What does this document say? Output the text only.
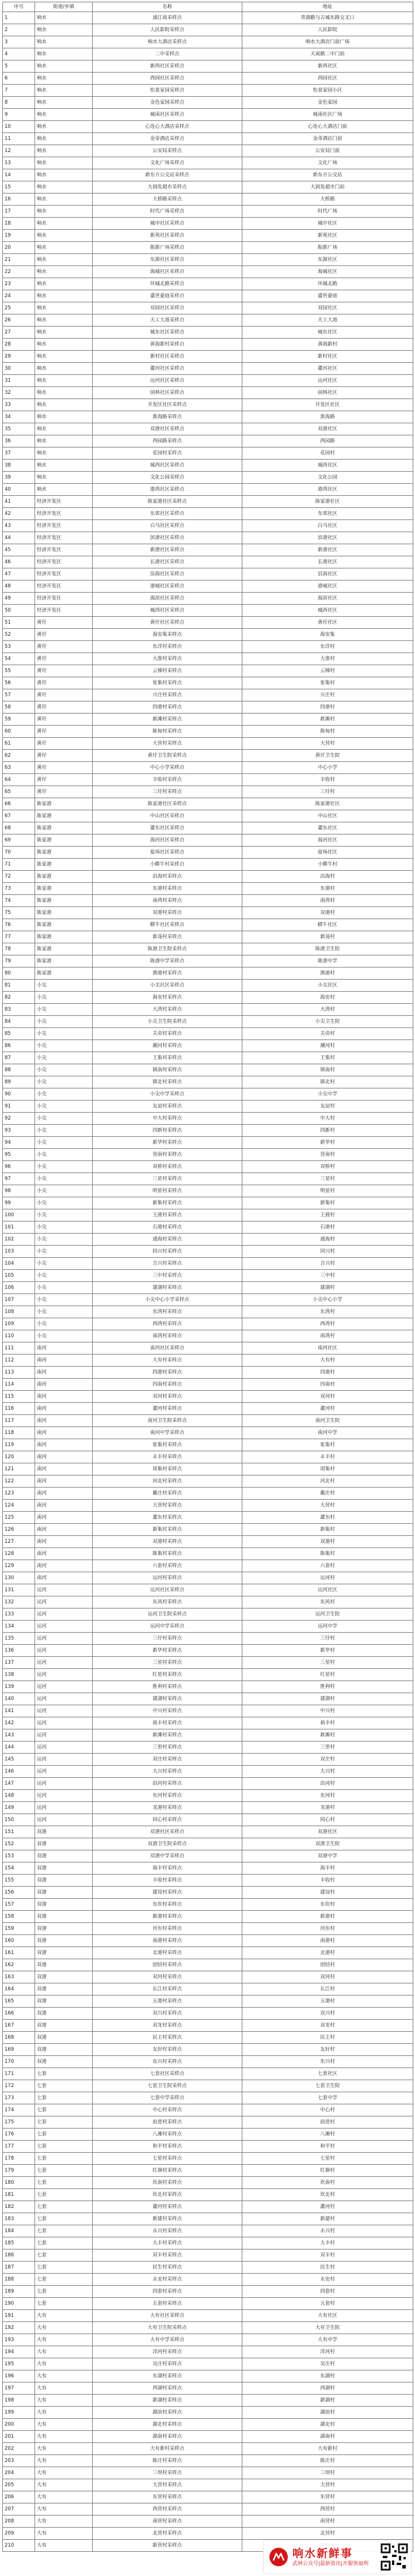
序号	街道/乡镇	名称	地址
1	响水	浦江南采样点	青湖路与古城东路交叉口
2	响水	人民影院采样点	人民影院
3	响水	响水大酒店采样点	响水大酒店门前广场
4	响水	二中采样点	天南路二中门前
5	响水	新西社区采样点	新西社区
6	响水	西园社区采样点	西园社区
7	响水	怡景家园采样点	怡景家园小区
8	响水	金色家园采样点	金色家园
9	响水	城南社区采样点	城南社区广场
10	响水	心连心大酒店采样点	心连心大酒店门前
11	响水	金帝酒店采样点	金帝酒店门前
12	响水	公安局采样点	公安局门前
13	响水	文化广场采样点	文化广场
14	响水	新东方公交站采样点	新东方公交站
15	响水	大润发超市采样点	大润发超市门前
16	响水	大桥路采样点	大桥路
17	响水	时代广场采样点	时代广场
18	响水	城中社区采样点	城中社区
19	响水	新苑社区采样点	新苑社区
20	响水	振新广场采样点	振新广场
21	响水	东源社区采样点	东源社区
22	响水	海城社区采样点	海城社区
23	响水	环城北路采样点	环城北路
24	响水	盛世豪庭采样点	盛世豪庭
25	响水	双园社区采样点	双园社区
26	响水	天工大道采样点	天工大道
27	响水	城东社区采样点	城东社区
28	响水	黄海新村采样点	黄海新村
29	响水	新村社区采样点	新村社区
30	响水	灌河社区采样点	灌河社区
31	响水	运河社区采样点	运河社区
32	响水	园林社区采样点	园林社区
33	响水	开发区社区采样点	开发区社区
34	响水	淮海路采样点	淮海路
35	响水	双港社区采样点	双港社区
36	响水	西园路采样点	西园路
37	响水	花园村采样点	花园村
38	响水	城西社区采样点	城西社区
39	响水	文化公园采样点	文化公园
40	响水	港湾社区采样点	港湾社区
41	经济开发区	陈家港社区采样点	陈家港社区
42	经济开发区	东郊社区采样点	东郊社区
43	经济开发区	白马社区采样点	白马社区
44	经济开发区	滨港社区采样点	滨港社区
45	经济开发区	新港社区采样点	新港社区
46	经济开发区	长港社区采样点	长港社区
47	经济开发区	沿海社区采样点	沿海社区
48	经济开发区	港城社区采样点	港城社区
49	经济开发区	海滨社区采样点	海滨社区
50	经济开发区	城西社区采样点	城西社区
51	黄圩	黄圩社区采样点	黄圩社区
52	黄圩	海安集采样点	海安集
53	黄圩	东洋村采样点	东洋村
54	黄圩	大淮村采样点	大淮村
55	黄圩	云梯村采样点	云梯村
56	黄圩	张集村采样点	张集村
57	黄圩	兴庄村采样点	兴庄村
58	黄圩	四港村采样点	四港村
59	黄圩	新滩村采样点	新滩村
60	黄圩	陈甸村采样点	陈甸村
61	黄圩	大营村采样点	大营村
62	黄圩	黄圩卫生院采样点	黄圩卫生院
63	黄圩	中心小学采样点	中心小学
64	黄圩	丰收村采样点	丰收村
65	黄圩	三圩村采样点	三圩村
66	陈家港	陈家港社区采样点	陈家港社区
67	陈家港	中山社区采样点	中山社区
68	陈家港	灌东社区采样点	灌东社区
69	陈家港	海河社区采样点	海河社区
70	陈家港	盐场社区采样点	盐场社区
71	陈家港	小蟒牛村采样点	小蟒牛村
72	陈家港	沿海村采样点	沿海村
73	陈家港	东港村采样点	东港村
74	陈家港	南湾村采样点	南湾村
75	陈家港	双港村采样点	双港村
76	陈家港	蟒牛社区采样点	蟒牛社区
77	陈家港	新荡村采样点	新荡村
78	陈家港	陈港卫生院采样点	陈港卫生院
79	陈家港	陈港中学采样点	陈港中学
80	陈家港	渔港村采样点	渔港村
81	小尖	小尖社区采样点	小尖社区
82	小尖	海安村采样点	海安村
83	小尖	大湾村采样点	大湾村
84	小尖	小尖卫生院采样点	小尖卫生院
85	小尖	关帝村采样点	关帝村
86	小尖	潮河村采样点	潮河村
87	小尖	王集村采样点	王集村
88	小尖	镇南村采样点	镇南村
89	小尖	镇北村采样点	镇北村
90	小尖	小尖中学采样点	小尖中学
91	小尖	友谊村采样点	友谊村
92	小尖	中大村采样点	中大村
93	小尖	四新村采样点	四新村
94	小尖	新华村采样点	新华村
95	小尖	营南村采样点	营南村
96	小尖	双桥村采样点	双桥村
97	小尖	三星村采样点	三星村
98	小尖	明星村采样点	明星村
99	小尖	新集村采样点	新集村
100	小尖	王渡村采样点	王渡村
101	小尖	石港村采样点	石港村
102	小尖	通海村采样点	通海村
103	小尖	同兴村采样点	同兴村
104	小尖	合兴村采样点	合兴村
105	小尖	三中村采样点	三中村
106	小尖	建湖村采样点	建湖村
107	小尖	小尖中心小学采样点	小尖中心小学
108	小尖	东湾村采样点	东湾村
109	小尖	西湾村采样点	西湾村
110	小尖	南湾村采样点	南湾村
111	南河	南河社区采样点	南河社区
112	南河	大有村采样点	大有村
113	南河	四港村采样点	四港村
114	南河	四南村采样点	四南村
115	南河	双河村采样点	双河村
116	南河	灌河村采样点	灌河村
117	南河	南河卫生院采样点	南河卫生院
118	南河	南河中学采样点	南河中学
119	南河	张集村采样点	张集村
120	南河	永丰村采样点	永丰村
121	南河	周集村采样点	周集村
122	南河	河北村采样点	河北村
123	南河	戴庄村采样点	戴庄村
124	南河	大营村采样点	大营村
125	南河	灌东村采样点	灌东村
126	南河	新集村采样点	新集村
127	南河	双港村采样点	双港村
128	南河	陈集村采样点	陈集村
129	南河	六套村采样点	六套村
130	南河	运河村采样点	运河村
131	运河	运河社区采样点	运河社区
132	运河	东风村采样点	东风村
133	运河	运河卫生院采样点	运河卫生院
134	运河	运河中学采样点	运河中学
135	运河	三圩村采样点	三圩村
136	运河	新华村采样点	新华村
137	运河	三星村采样点	三星村
138	运河	红星村采样点	红星村
139	运河	胜利村采样点	胜利村
140	运河	建湖村采样点	建湖村
141	运河	中兴村采样点	中兴村
142	运河	裕丰村采样点	裕丰村
143	运河	新滩村采样点	新滩村
144	运河	三里村采样点	三里村
145	运河	双庄村采样点	双庄村
146	运河	大兴村采样点	大兴村
147	运河	沿河村采样点	沿河村
148	运河	东河村采样点	东河村
149	运河	龙港村采样点	龙港村
150	运河	同心村采样点	同心村
151	双港	双港社区采样点	双港社区
152	双港	双港卫生院采样点	双港卫生院
153	双港	双港中学采样点	双港中学
154	双港	海丰村采样点	海丰村
155	双港	丰收村采样点	丰收村
156	双港	建设村采样点	建设村
157	双港	东坎村采样点	东坎村
158	双港	新港村采样点	新港村
159	双港	河东村采样点	河东村
160	双港	南港村采样点	南港村
161	双港	北港村采样点	北港村
162	双港	团结村采样点	团结村
163	双港	双河村采样点	双河村
164	双港	长江村采样点	长江村
165	双港	五港村采样点	五港村
166	双港	双兴村采样点	双兴村
167	双港	双龙村采样点	双龙村
168	双港	民主村采样点	民主村
169	双港	友好村采样点	友好村
170	双港	东兴村采样点	东兴村
171	七套	七套社区采样点	七套社区
172	七套	七套卫生院采样点	七套卫生院
173	七套	七套中学采样点	七套中学
174	七套	中心村采样点	中心村
175	七套	前进村采样点	前进村
176	七套	八滩村采样点	八滩村
177	七套	和平村采样点	和平村
178	七套	七星村采样点	七星村
179	七套	红旗村采样点	红旗村
180	七套	坎南村采样点	坎南村
181	七套	坎北村采样点	坎北村
182	七套	灌河村采样点	灌河村
183	七套	新建村采样点	新建村
184	七套	永兴村采样点	永兴村
185	七套	大丰村采样点	大丰村
186	七套	双丰村采样点	双丰村
187	七套	民生村采样点	民生村
188	七套	永安村采样点	永安村
189	七套	四套村采样点	四套村
190	七套	五套村采样点	五套村
191	大有	大有社区采样点	大有社区
192	大有	大有卫生院采样点	大有卫生院
193	大有	大有中学采样点	大有中学
194	大有	洋河村采样点	洋河村
195	大有	吴庄村采样点	吴庄村
196	大有	东湖村采样点	东湖村
197	大有	西湖村采样点	西湖村
198	大有	新湖村采样点	新湖村
199	大有	湖滨村采样点	湖滨村
200	大有	湖北村采样点	湖北村
201	大有	湖南村采样点	湖南村
202	大有	大有新村采样点	大有新村
203	大有	陈庄村采样点	陈庄村
204	大有	三坝村采样点	三坝村
205	大有	大营村采样点	大营村
206	大有	东营村采样点	东营村
207	大有	西营村采样点	西营村
208	大有	南营村采样点	南营村
209	大有	北营村采样点	北营村
210	大有	新营村采样点	
响水新鲜事
武林公众号|最新资讯|开服领福利
